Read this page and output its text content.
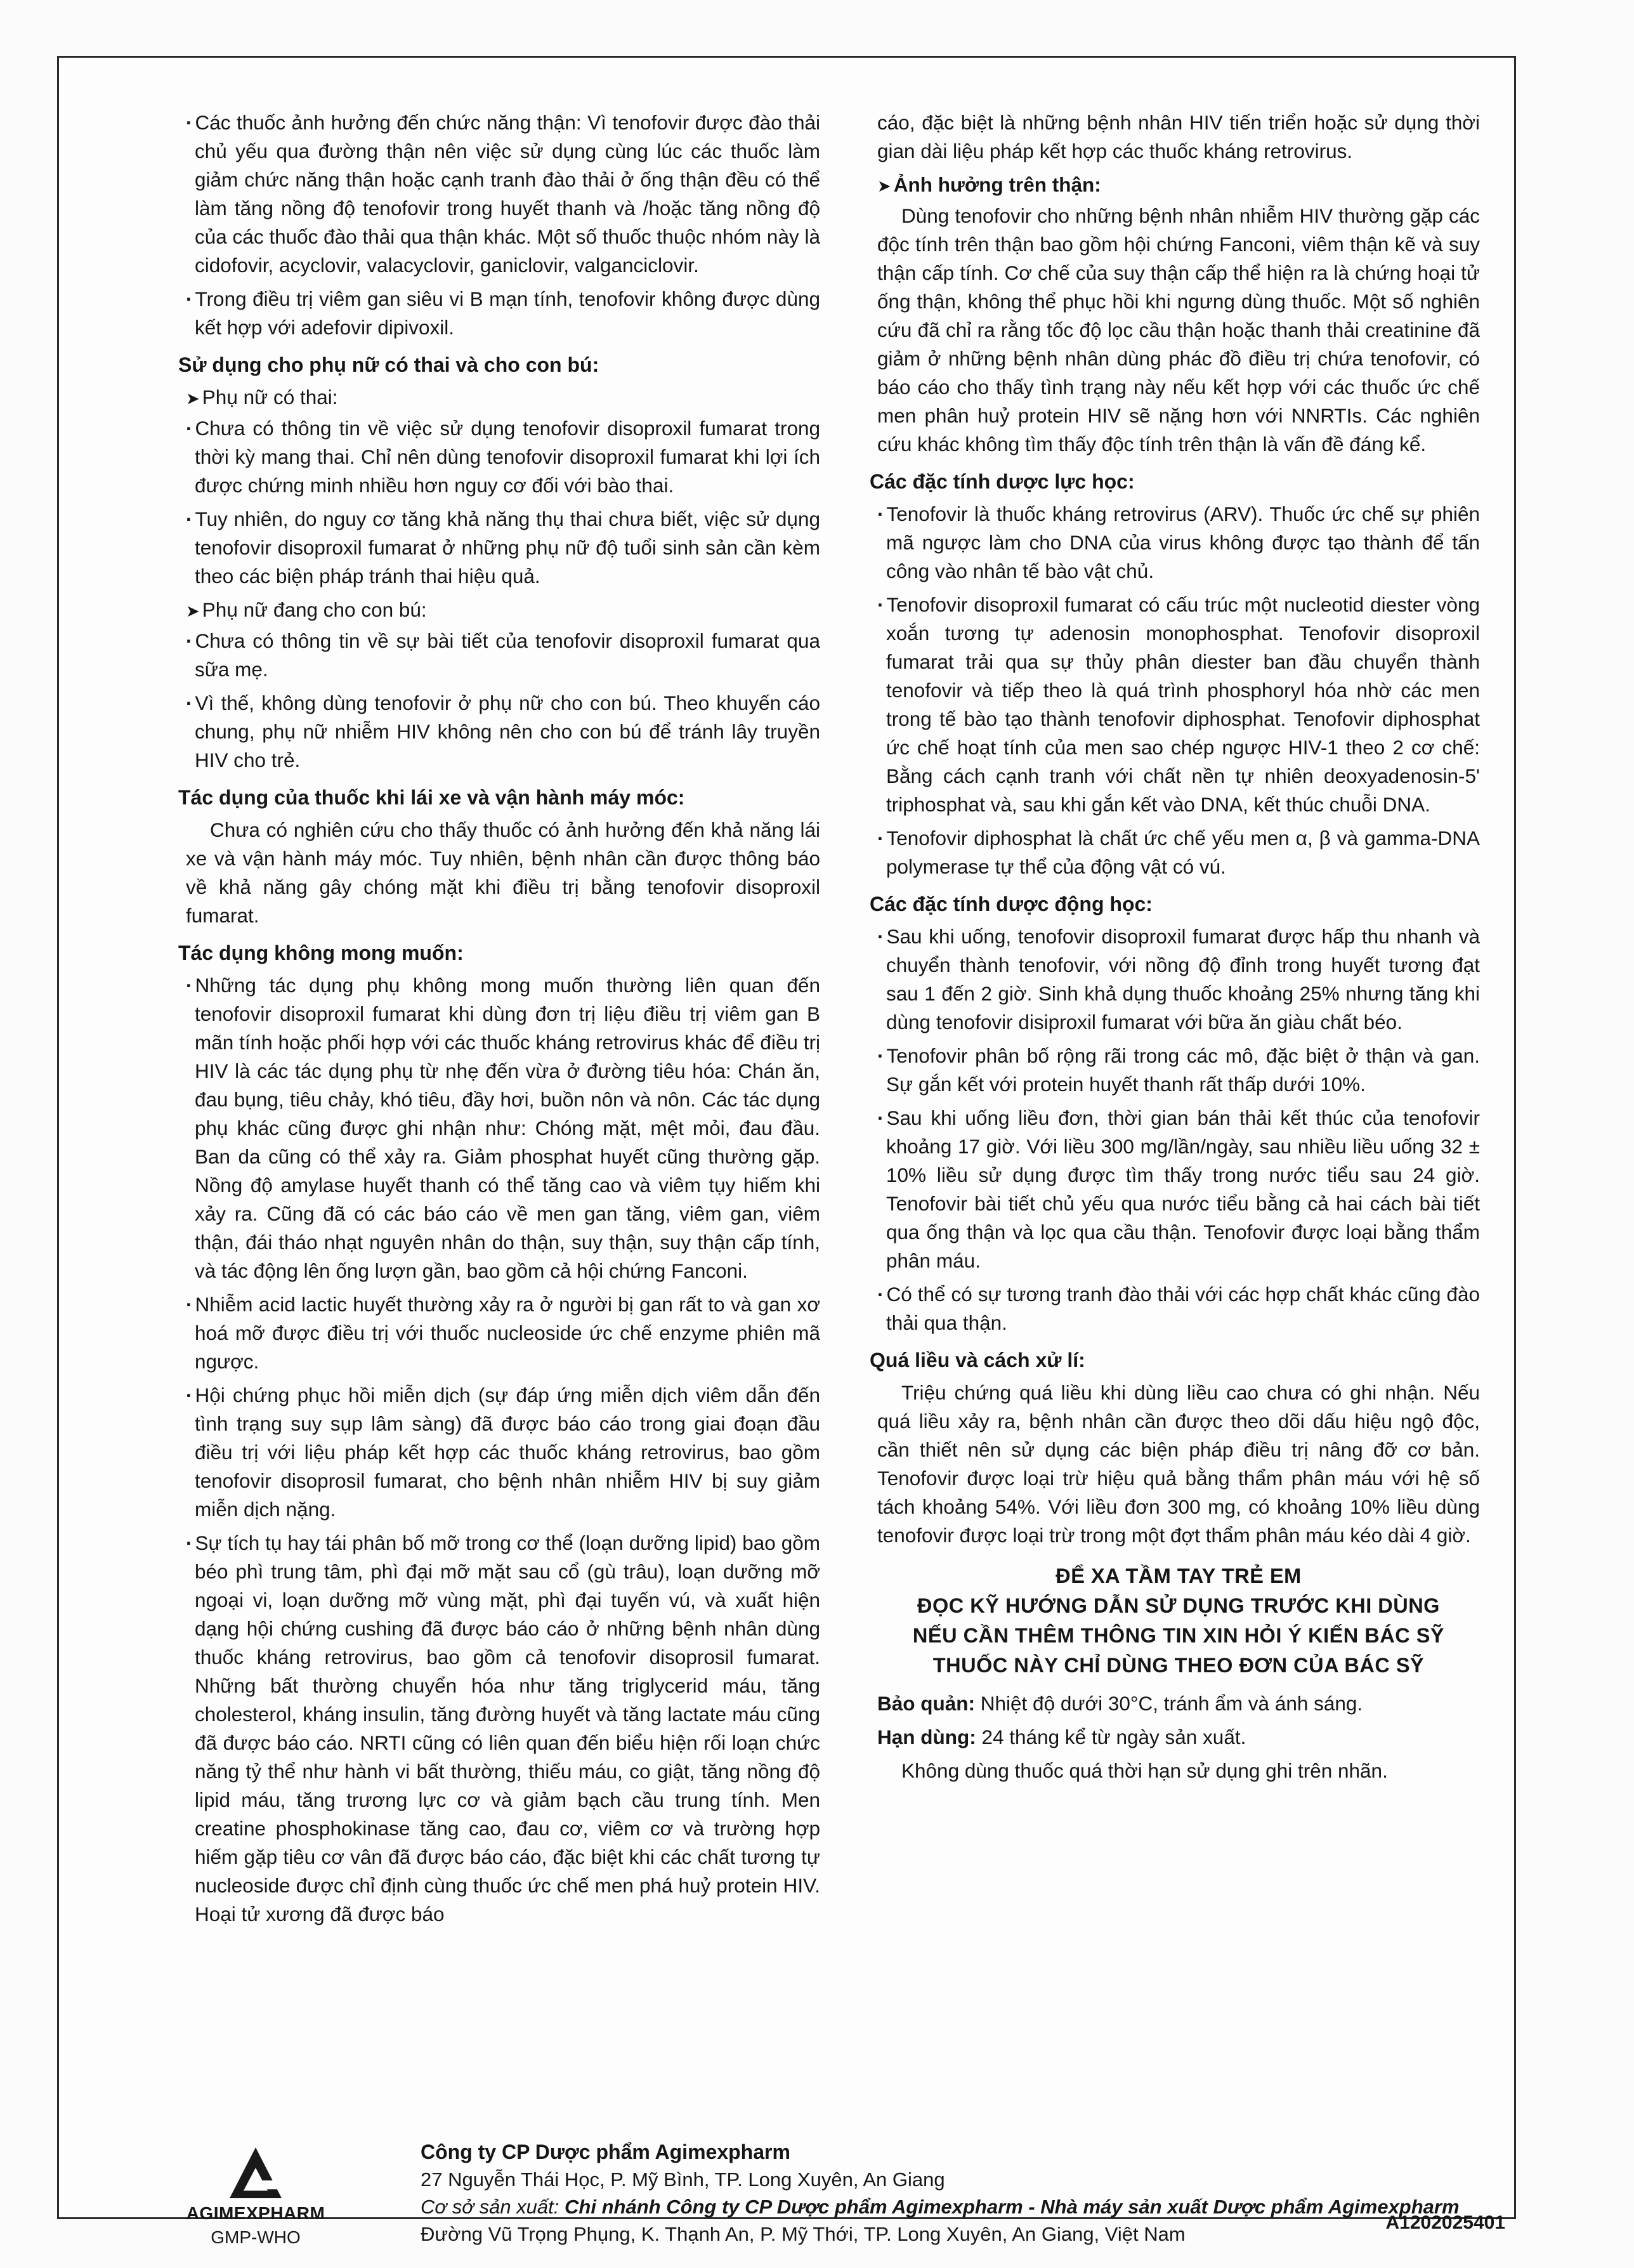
· Các thuốc ảnh hưởng đến chức năng thận: Vì tenofovir được đào thải chủ yếu qua đường thận nên việc sử dụng cùng lúc các thuốc làm giảm chức năng thận hoặc cạnh tranh đào thải ở ống thận đều có thể làm tăng nồng độ tenofovir trong huyết thanh và /hoặc tăng nồng độ của các thuốc đào thải qua thận khác. Một số thuốc thuộc nhóm này là cidofovir, acyclovir, valacyclovir, ganiclovir, valganciclovir.
· Trong điều trị viêm gan siêu vi B mạn tính, tenofovir không được dùng kết hợp với adefovir dipivoxil.
Sử dụng cho phụ nữ có thai và cho con bú:
➤ Phụ nữ có thai:
· Chưa có thông tin về việc sử dụng tenofovir disoproxil fumarat trong thời kỳ mang thai. Chỉ nên dùng tenofovir disoproxil fumarat khi lợi ích được chứng minh nhiều hơn nguy cơ đối với bào thai.
· Tuy nhiên, do nguy cơ tăng khả năng thụ thai chưa biết, việc sử dụng tenofovir disoproxil fumarat ở những phụ nữ độ tuổi sinh sản cần kèm theo các biện pháp tránh thai hiệu quả.
➤ Phụ nữ đang cho con bú:
· Chưa có thông tin về sự bài tiết của tenofovir disoproxil fumarat qua sữa mẹ.
· Vì thế, không dùng tenofovir ở phụ nữ cho con bú. Theo khuyến cáo chung, phụ nữ nhiễm HIV không nên cho con bú để tránh lây truyền HIV cho trẻ.
Tác dụng của thuốc khi lái xe và vận hành máy móc:
Chưa có nghiên cứu cho thấy thuốc có ảnh hưởng đến khả năng lái xe và vận hành máy móc. Tuy nhiên, bệnh nhân cần được thông báo về khả năng gây chóng mặt khi điều trị bằng tenofovir disoproxil fumarat.
Tác dụng không mong muốn:
· Những tác dụng phụ không mong muốn thường liên quan đến tenofovir disoproxil fumarat khi dùng đơn trị liệu điều trị viêm gan B mãn tính hoặc phối hợp với các thuốc kháng retrovirus khác để điều trị HIV là các tác dụng phụ từ nhẹ đến vừa ở đường tiêu hóa: Chán ăn, đau bụng, tiêu chảy, khó tiêu, đầy hơi, buồn nôn và nôn. Các tác dụng phụ khác cũng được ghi nhận như: Chóng mặt, mệt mỏi, đau đầu. Ban da cũng có thể xảy ra. Giảm phosphat huyết cũng thường gặp. Nồng độ amylase huyết thanh có thể tăng cao và viêm tụy hiếm khi xảy ra. Cũng đã có các báo cáo về men gan tăng, viêm gan, viêm thận, đái tháo nhạt nguyên nhân do thận, suy thận, suy thận cấp tính, và tác động lên ống lượn gần, bao gồm cả hội chứng Fanconi.
· Nhiễm acid lactic huyết thường xảy ra ở người bị gan rất to và gan xơ hoá mỡ được điều trị với thuốc nucleoside ức chế enzyme phiên mã ngược.
· Hội chứng phục hồi miễn dịch (sự đáp ứng miễn dịch viêm dẫn đến tình trạng suy sụp lâm sàng) đã được báo cáo trong giai đoạn đầu điều trị với liệu pháp kết hợp các thuốc kháng retrovirus, bao gồm tenofovir disoprosil fumarat, cho bệnh nhân nhiễm HIV bị suy giảm miễn dịch nặng.
· Sự tích tụ hay tái phân bố mỡ trong cơ thể (loạn dưỡng lipid) bao gồm béo phì trung tâm, phì đại mỡ mặt sau cổ (gù trâu), loạn dưỡng mỡ ngoại vi, loạn dưỡng mỡ vùng mặt, phì đại tuyến vú, và xuất hiện dạng hội chứng cushing đã được báo cáo ở những bệnh nhân dùng thuốc kháng retrovirus, bao gồm cả tenofovir disoprosil fumarat. Những bất thường chuyển hóa như tăng triglycerid máu, tăng cholesterol, kháng insulin, tăng đường huyết và tăng lactate máu cũng đã được báo cáo. NRTI cũng có liên quan đến biểu hiện rối loạn chức năng tỷ thể như hành vi bất thường, thiếu máu, co giật, tăng nồng độ lipid máu, tăng trương lực cơ và giảm bạch cầu trung tính. Men creatine phosphokinase tăng cao, đau cơ, viêm cơ và trường hợp hiếm gặp tiêu cơ vân đã được báo cáo, đặc biệt khi các chất tương tự nucleoside được chỉ định cùng thuốc ức chế men phá huỷ protein HIV. Hoại tử xương đã được báo
cáo, đặc biệt là những bệnh nhân HIV tiến triển hoặc sử dụng thời gian dài liệu pháp kết hợp các thuốc kháng retrovirus.
➤ Ảnh hưởng trên thận:
Dùng tenofovir cho những bệnh nhân nhiễm HIV thường gặp các độc tính trên thận bao gồm hội chứng Fanconi, viêm thận kẽ và suy thận cấp tính. Cơ chế của suy thận cấp thể hiện ra là chứng hoại tử ống thận, không thể phục hồi khi ngưng dùng thuốc. Một số nghiên cứu đã chỉ ra rằng tốc độ lọc cầu thận hoặc thanh thải creatinine đã giảm ở những bệnh nhân dùng phác đồ điều trị chứa tenofovir, có báo cáo cho thấy tình trạng này nếu kết hợp với các thuốc ức chế men phân huỷ protein HIV sẽ nặng hơn với NNRTIs. Các nghiên cứu khác không tìm thấy độc tính trên thận là vấn đề đáng kể.
Các đặc tính dược lực học:
· Tenofovir là thuốc kháng retrovirus (ARV). Thuốc ức chế sự phiên mã ngược làm cho DNA của virus không được tạo thành để tấn công vào nhân tế bào vật chủ.
· Tenofovir disoproxil fumarat có cấu trúc một nucleotid diester vòng xoắn tương tự adenosin monophosphat. Tenofovir disoproxil fumarat trải qua sự thủy phân diester ban đầu chuyển thành tenofovir và tiếp theo là quá trình phosphoryl hóa nhờ các men trong tế bào tạo thành tenofovir diphosphat. Tenofovir diphosphat ức chế hoạt tính của men sao chép ngược HIV-1 theo 2 cơ chế: Bằng cách cạnh tranh với chất nền tự nhiên deoxyadenosin-5' triphosphat và, sau khi gắn kết vào DNA, kết thúc chuỗi DNA.
· Tenofovir diphosphat là chất ức chế yếu men α, β và gamma-DNA polymerase tự thể của động vật có vú.
Các đặc tính dược động học:
· Sau khi uống, tenofovir disoproxil fumarat được hấp thu nhanh và chuyển thành tenofovir, với nồng độ đỉnh trong huyết tương đạt sau 1 đến 2 giờ. Sinh khả dụng thuốc khoảng 25% nhưng tăng khi dùng tenofovir disiproxil fumarat với bữa ăn giàu chất béo.
· Tenofovir phân bố rộng rãi trong các mô, đặc biệt ở thận và gan. Sự gắn kết với protein huyết thanh rất thấp dưới 10%.
· Sau khi uống liều đơn, thời gian bán thải kết thúc của tenofovir khoảng 17 giờ. Với liều 300 mg/lần/ngày, sau nhiều liều uống 32 ± 10% liều sử dụng được tìm thấy trong nước tiểu sau 24 giờ. Tenofovir bài tiết chủ yếu qua nước tiểu bằng cả hai cách bài tiết qua ống thận và lọc qua cầu thận. Tenofovir được loại bằng thẩm phân máu.
· Có thể có sự tương tranh đào thải với các hợp chất khác cũng đào thải qua thận.
Quá liều và cách xử lí:
Triệu chứng quá liều khi dùng liều cao chưa có ghi nhận. Nếu quá liều xảy ra, bệnh nhân cần được theo dõi dấu hiệu ngộ độc, cần thiết nên sử dụng các biện pháp điều trị nâng đỡ cơ bản. Tenofovir được loại trừ hiệu quả bằng thẩm phân máu với hệ số tách khoảng 54%. Với liều đơn 300 mg, có khoảng 10% liều dùng tenofovir được loại trừ trong một đợt thẩm phân máu kéo dài 4 giờ.
ĐỂ XA TẦM TAY TRẺ EM
ĐỌC KỸ HƯỚNG DẪN SỬ DỤNG TRƯỚC KHI DÙNG
NẾU CẦN THÊM THÔNG TIN XIN HỎI Ý KIẾN BÁC SỸ
THUỐC NÀY CHỈ DÙNG THEO ĐƠN CỦA BÁC SỸ
Bảo quản: Nhiệt độ dưới 30°C, tránh ẩm và ánh sáng.
Hạn dùng: 24 tháng kể từ ngày sản xuất.
Không dùng thuốc quá thời hạn sử dụng ghi trên nhãn.
AGIMEXPHARM
GMP-WHO
Công ty CP Dược phẩm Agimexpharm
27 Nguyễn Thái Học, P. Mỹ Bình, TP. Long Xuyên, An Giang
Cơ sở sản xuất: Chi nhánh Công ty CP Dược phẩm Agimexpharm - Nhà máy sản xuất Dược phẩm Agimexpharm
Đường Vũ Trọng Phụng, K. Thạnh An, P. Mỹ Thới, TP. Long Xuyên, An Giang, Việt Nam
A1202025401
